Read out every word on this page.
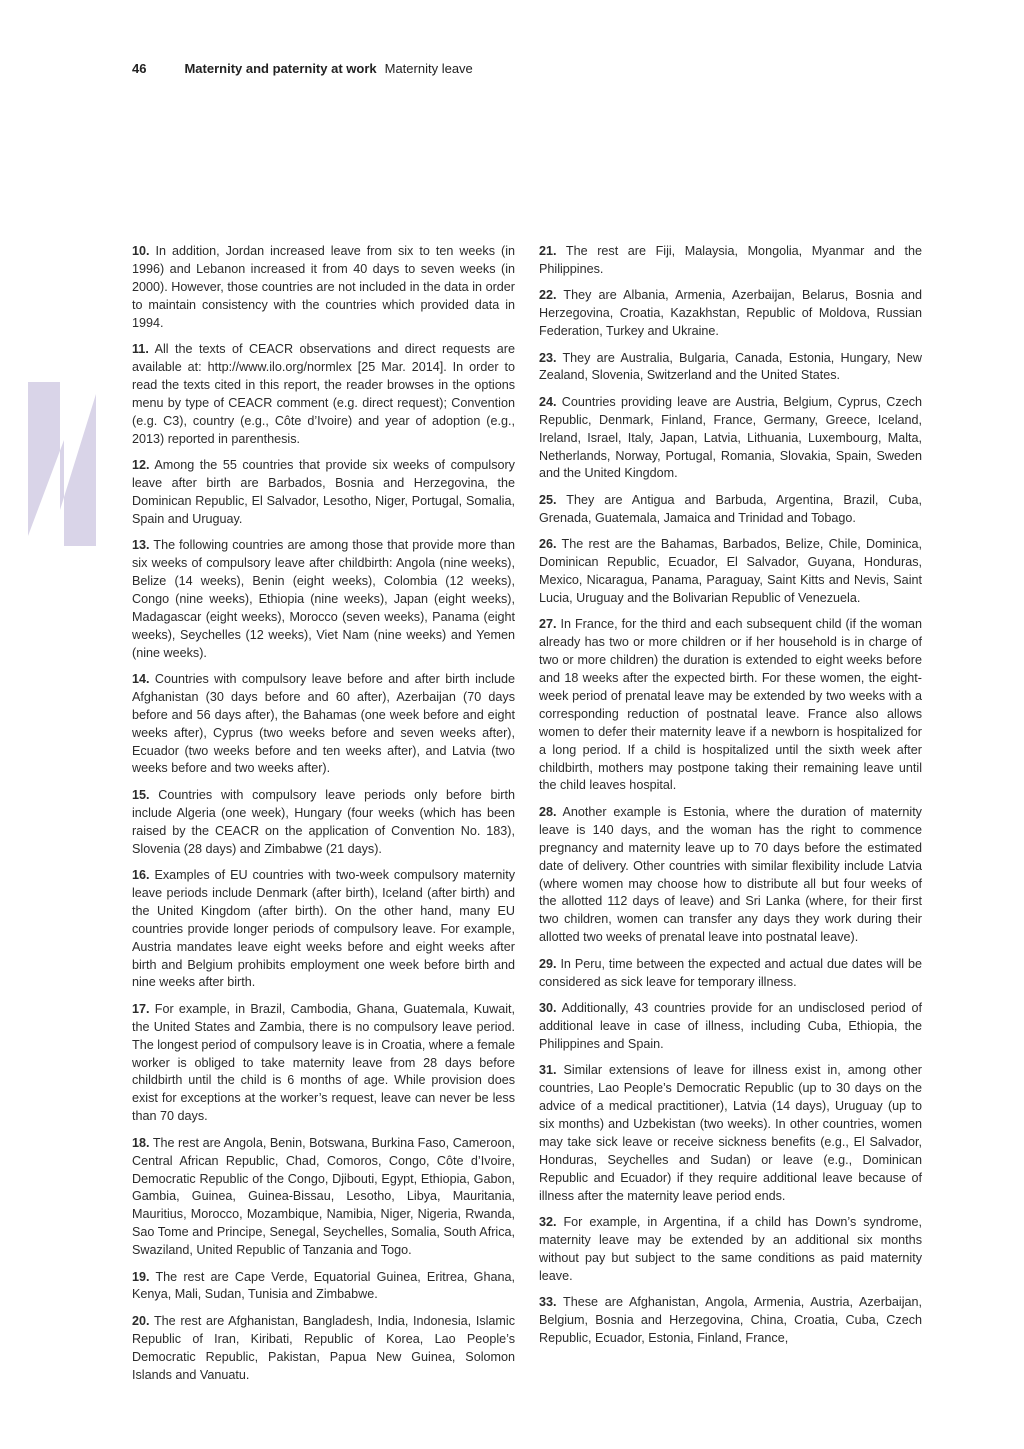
46	Maternity and paternity at work Maternity leave

10. In addition, Jordan increased leave from six to ten weeks (in 1996) and Lebanon increased it from 40 days to seven weeks (in 2000). However, those countries are not included in the data in order to maintain consistency with the countries which provided data in 1994.

11. All the texts of CEACR observations and direct requests are available at: http://www.ilo.org/normlex [25 Mar. 2014]. In order to read the texts cited in this report, the reader browses in the options menu by type of CEACR comment (e.g. direct request); Convention (e.g. C3), country (e.g., Côte d’Ivoire) and year of adoption (e.g., 2013) reported in parenthesis.

12. Among the 55 countries that provide six weeks of compulsory leave after birth are Barbados, Bosnia and Herzegovina, the Dominican Republic, El Salvador, Lesotho, Niger, Portugal, Somalia, Spain and Uruguay.

13. The following countries are among those that provide more than six weeks of compulsory leave after childbirth: Angola (nine weeks), Belize (14 weeks), Benin (eight weeks), Colombia (12 weeks), Congo (nine weeks), Ethiopia (nine weeks), Japan (eight weeks), Madagascar (eight weeks), Morocco (seven weeks), Panama (eight weeks), Seychelles (12 weeks), Viet Nam (nine weeks) and Yemen (nine weeks).

14. Countries with compulsory leave before and after birth include Afghanistan (30 days before and 60 after), Azerbaijan (70 days before and 56 days after), the Bahamas (one week before and eight weeks after), Cyprus (two weeks before and seven weeks after), Ecuador (two weeks before and ten weeks after), and Latvia (two weeks before and two weeks after).

15. Countries with compulsory leave periods only before birth include Algeria (one week), Hungary (four weeks (which has been raised by the CEACR on the application of Convention No. 183), Slovenia (28 days) and Zimbabwe (21 days).

16. Examples of EU countries with two-week compulsory maternity leave periods include Denmark (after birth), Iceland (after birth) and the United Kingdom (after birth). On the other hand, many EU countries provide longer periods of compulsory leave. For example, Austria mandates leave eight weeks before and eight weeks after birth and Belgium prohibits employment one week before birth and nine weeks after birth.

17. For example, in Brazil, Cambodia, Ghana, Guatemala, Kuwait, the United States and Zambia, there is no compulsory leave period. The longest period of compulsory leave is in Croatia, where a female worker is obliged to take maternity leave from 28 days before childbirth until the child is 6 months of age. While provision does exist for exceptions at the worker’s request, leave can never be less than 70 days.

18. The rest are Angola, Benin, Botswana, Burkina Faso, Cameroon, Central African Republic, Chad, Comoros, Congo, Côte d’Ivoire, Democratic Republic of the Congo, Djibouti, Egypt, Ethiopia, Gabon, Gambia, Guinea, Guinea-Bissau, Lesotho, Libya, Mauritania, Mauritius, Morocco, Mozambique, Namibia, Niger, Nigeria, Rwanda, Sao Tome and Principe, Senegal, Seychelles, Somalia, South Africa, Swaziland, United Republic of Tanzania and Togo.

19. The rest are Cape Verde, Equatorial Guinea, Eritrea, Ghana, Kenya, Mali, Sudan, Tunisia and Zimbabwe.

20. The rest are Afghanistan, Bangladesh, India, Indonesia, Islamic Republic of Iran, Kiribati, Republic of Korea, Lao People’s Democratic Republic, Pakistan, Papua New Guinea, Solomon Islands and Vanuatu.

21. The rest are Fiji, Malaysia, Mongolia, Myanmar and the Philippines.

22. They are Albania, Armenia, Azerbaijan, Belarus, Bosnia and Herzegovina, Croatia, Kazakhstan, Republic of Moldova, Russian Federation, Turkey and Ukraine.

23. They are Australia, Bulgaria, Canada, Estonia, Hungary, New Zealand, Slovenia, Switzerland and the United States.

24. Countries providing leave are Austria, Belgium, Cyprus, Czech Republic, Denmark, Finland, France, Germany, Greece, Iceland, Ireland, Israel, Italy, Japan, Latvia, Lithuania, Luxembourg, Malta, Netherlands, Norway, Portugal, Romania, Slovakia, Spain, Sweden and the United Kingdom.

25. They are Antigua and Barbuda, Argentina, Brazil, Cuba, Grenada, Guatemala, Jamaica and Trinidad and Tobago.

26. The rest are the Bahamas, Barbados, Belize, Chile, Dominica, Dominican Republic, Ecuador, El Salvador, Guyana, Honduras, Mexico, Nicaragua, Panama, Paraguay, Saint Kitts and Nevis, Saint Lucia, Uruguay and the Bolivarian Republic of Venezuela.

27. In France, for the third and each subsequent child (if the woman already has two or more children or if her household is in charge of two or more children) the duration is extended to eight weeks before and 18 weeks after the expected birth. For these women, the eight-week period of prenatal leave may be extended by two weeks with a corresponding reduction of postnatal leave. France also allows women to defer their maternity leave if a newborn is hospitalized for a long period. If a child is hospitalized until the sixth week after childbirth, mothers may postpone taking their remaining leave until the child leaves hospital.

28. Another example is Estonia, where the duration of maternity leave is 140 days, and the woman has the right to commence pregnancy and maternity leave up to 70 days before the estimated date of delivery. Other countries with similar flexibility include Latvia (where women may choose how to distribute all but four weeks of the allotted 112 days of leave) and Sri Lanka (where, for their first two children, women can transfer any days they work during their allotted two weeks of prenatal leave into postnatal leave).

29. In Peru, time between the expected and actual due dates will be considered as sick leave for temporary illness.

30. Additionally, 43 countries provide for an undisclosed period of additional leave in case of illness, including Cuba, Ethiopia, the Philippines and Spain.

31. Similar extensions of leave for illness exist in, among other countries, Lao People’s Democratic Republic (up to 30 days on the advice of a medical practitioner), Latvia (14 days), Uruguay (up to six months) and Uzbekistan (two weeks). In other countries, women may take sick leave or receive sickness benefits (e.g., El Salvador, Honduras, Seychelles and Sudan) or leave (e.g., Dominican Republic and Ecuador) if they require additional leave because of illness after the maternity leave period ends.

32. For example, in Argentina, if a child has Down’s syndrome, maternity leave may be extended by an additional six months without pay but subject to the same conditions as paid maternity leave.

33. These are Afghanistan, Angola, Armenia, Austria, Azerbaijan, Belgium, Bosnia and Herzegovina, China, Croatia, Cuba, Czech Republic, Ecuador, Estonia, Finland, France,
